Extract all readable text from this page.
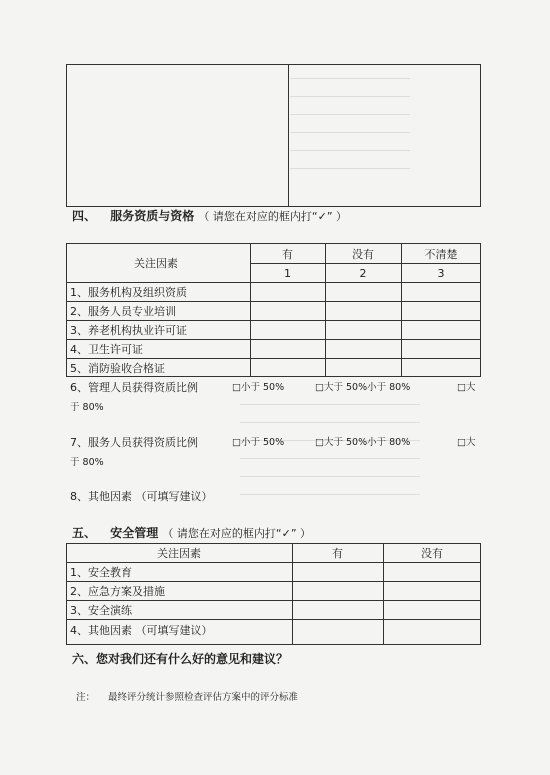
四、 服务资质与资格 （ 请您在对应的框内打“✓” ）
关注因素
有	没有	不清楚
1	2	3
1、服务机构及组织资质
2、服务人员专业培训
3、养老机构执业许可证
4、卫生许可证
5、消防验收合格证
6、管理人员获得资质比例	□小于 50%	□大于 50%小于 80%	□大
于 80%
7、服务人员获得资质比例	□小于 50%	□大于 50%小于 80%	□大
于 80%
8、其他因素 （可填写建议）
五、 安全管理 （ 请您在对应的框内打“✓” ）
关注因素	有	没有
1、安全教育
2、应急方案及措施
3、安全演练
4、其他因素 （可填写建议）
六、您对我们还有什么好的意见和建议？
注： 最终评分统计参照检查评估方案中的评分标准
